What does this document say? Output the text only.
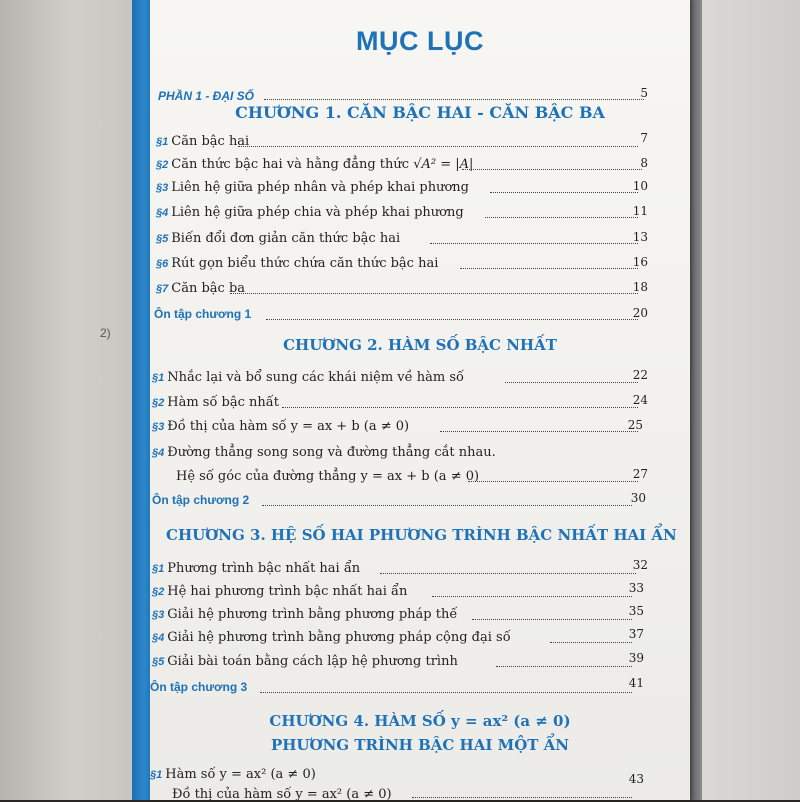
2)
MỤC LỤC
PHẦN 1 - ĐẠI SỐ	5
CHƯƠNG 1. CĂN BẬC HAI - CĂN BẬC BA
§1 Căn bậc hai	7
§2 Căn thức bậc hai và hằng đẳng thức √A² = |A|	8
§3 Liên hệ giữa phép nhân và phép khai phương	10
§4 Liên hệ giữa phép chia và phép khai phương	11
§5 Biến đổi đơn giản căn thức bậc hai	13
§6 Rút gọn biểu thức chứa căn thức bậc hai	16
§7 Căn bậc ba	18
Ôn tập chương 1	20
CHƯƠNG 2. HÀM SỐ BẬC NHẤT
§1 Nhắc lại và bổ sung các khái niệm về hàm số	22
§2 Hàm số bậc nhất	24
§3 Đồ thị của hàm số y = ax + b (a ≠ 0)	25
§4 Đường thẳng song song và đường thẳng cắt nhau.
Hệ số góc của đường thẳng y = ax + b (a ≠ 0)	27
Ôn tập chương 2	30
CHƯƠNG 3. HỆ SỐ HAI PHƯƠNG TRÌNH BẬC NHẤT HAI ẨN
§1 Phương trình bậc nhất hai ẩn	32
§2 Hệ hai phương trình bậc nhất hai ẩn	33
§3 Giải hệ phương trình bằng phương pháp thế	35
§4 Giải hệ phương trình bằng phương pháp cộng đại số	37
§5 Giải bài toán bằng cách lập hệ phương trình	39
Ôn tập chương 3	41
CHƯƠNG 4. HÀM SỐ y = ax² (a ≠ 0)
PHƯƠNG TRÌNH BẬC HAI MỘT ẨN
§1 Hàm số y = ax² (a ≠ 0)
Đồ thị của hàm số y = ax² (a ≠ 0)
43
